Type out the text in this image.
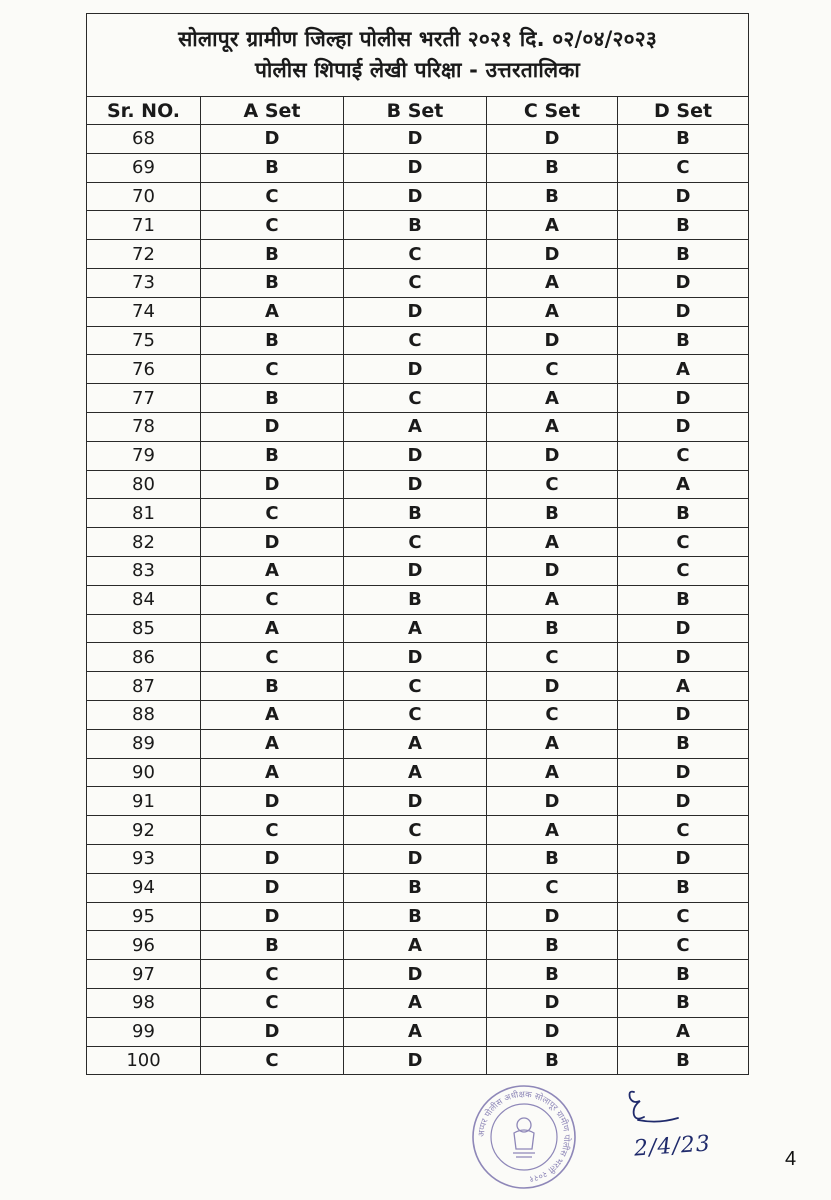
सोलापूर ग्रामीण जिल्हा पोलीस भरती २०२१ दि. ०२/०४/२०२३
पोलीस शिपाई लेखी परिक्षा - उत्तरतालिका				

Sr. NO.	A Set	B Set	C Set	D Set
68	D	D	D	B
69	B	D	B	C
70	C	D	B	D
71	C	B	A	B
72	B	C	D	B
73	B	C	A	D
74	A	D	A	D
75	B	C	D	B
76	C	D	C	A
77	B	C	A	D
78	D	A	A	D
79	B	D	D	C
80	D	D	C	A
81	C	B	B	B
82	D	C	A	C
83	A	D	D	C
84	C	B	A	B
85	A	A	B	D
86	C	D	C	D
87	B	C	D	A
88	A	C	C	D
89	A	A	A	B
90	A	A	A	D
91	D	D	D	D
92	C	C	A	C
93	D	D	B	D
94	D	B	C	B
95	D	B	D	C
96	B	A	B	C
97	C	D	B	B
98	C	A	D	B
99	D	A	D	A
100	C	D	B	B
अप्पर पोलीस अधीक्षक सोलापूर ग्रामीण पोलीस भरती २०२१
2/4/23	4
